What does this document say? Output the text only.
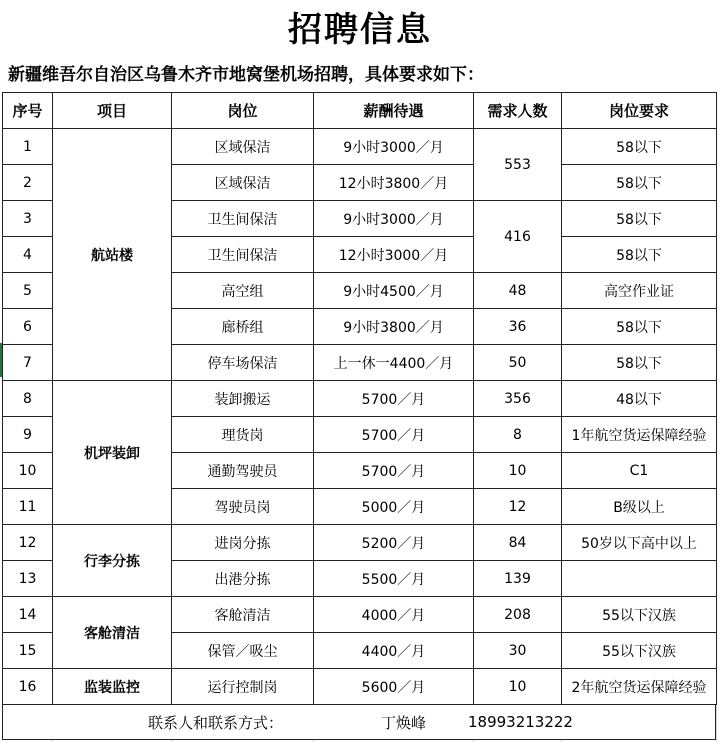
招聘信息
新疆维吾尔自治区乌鲁木齐市地窝堡机场招聘，具体要求如下：
序号	项目	岗位	薪酬待遇	需求人数	岗位要求
1	航站楼	区域保洁	9小时3000／月	553	58以下
2		区域保洁	12小时3800／月		58以下
3		卫生间保洁	9小时3000／月	416	58以下
4		卫生间保洁	12小时3000／月		58以下
5		高空组	9小时4500／月	48	高空作业证
6		廊桥组	9小时3800／月	36	58以下
7		停车场保洁	上一休一4400／月	50	58以下
8	机坪装卸	装卸搬运	5700／月	356	48以下
9		理货岗	5700／月	8	1年航空货运保障经验
10		通勤驾驶员	5700／月	10	C1
11		驾驶员岗	5000／月	12	B级以上
12	行李分拣	进岗分拣	5200／月	84	50岁以下高中以上
13		出港分拣	5500／月	139	
14	客舱清洁	客舱清洁	4000／月	208	55以下汉族
15		保管／吸尘	4400／月	30	55以下汉族
16	监装监控	运行控制岗	5600／月	10	2年航空货运保障经验
联系人和联系方式：	丁焕峰	18993213222
